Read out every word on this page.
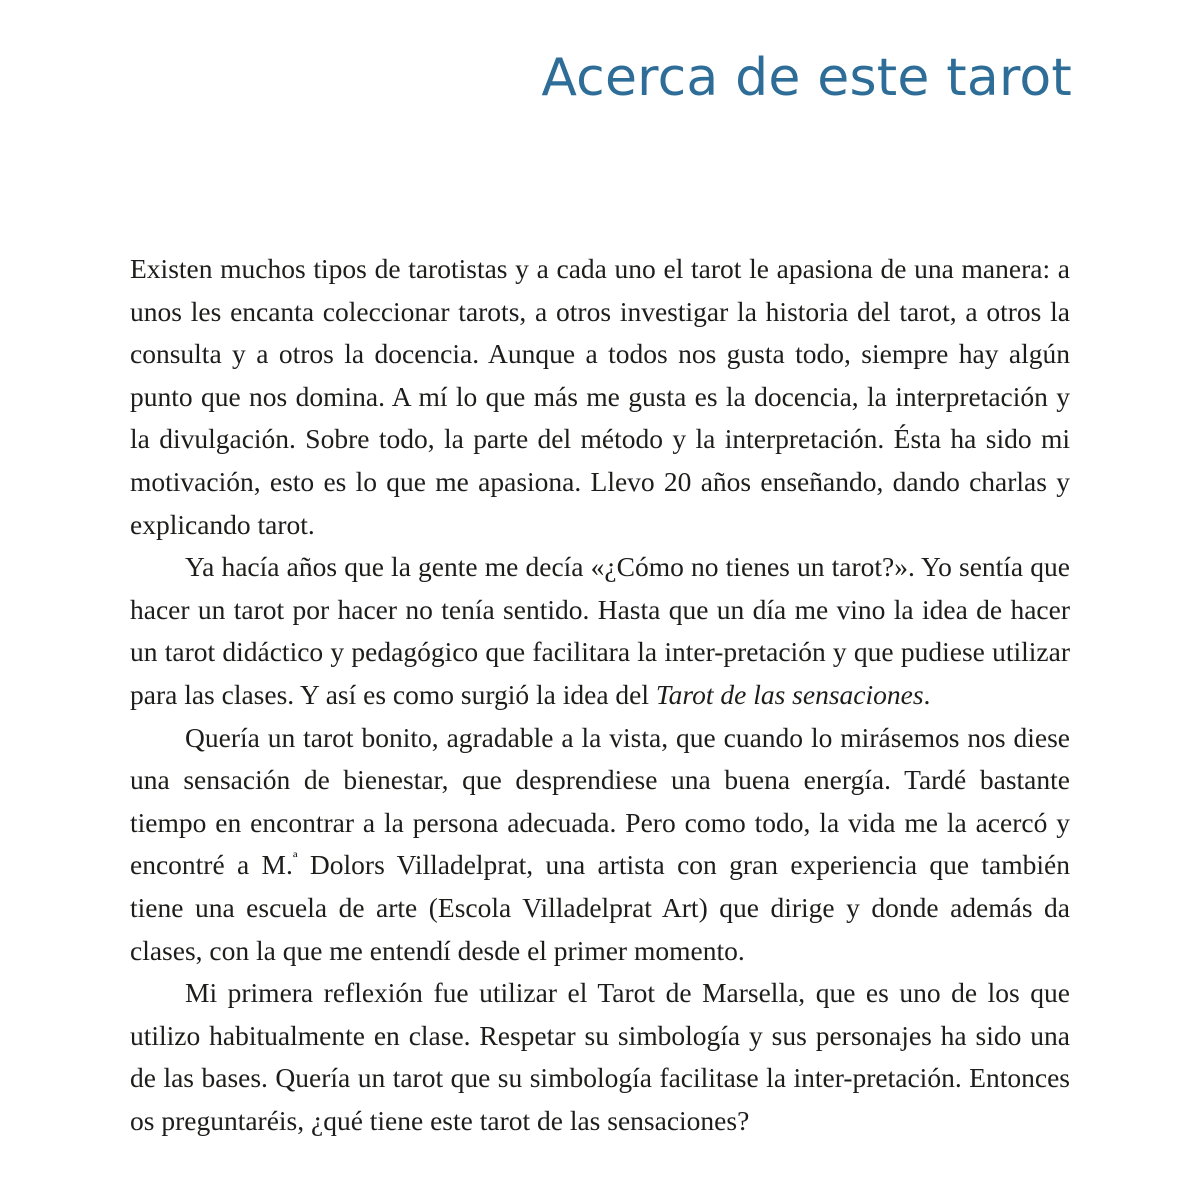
Acerca de este tarot

Existen muchos tipos de tarotistas y a cada uno el tarot le apasiona de una manera: a unos les encanta coleccionar tarots, a otros investigar la historia del tarot, a otros la consulta y a otros la docencia. Aunque a todos nos gusta todo, siempre hay algún punto que nos domina. A mí lo que más me gusta es la docencia, la interpretación y la divulgación. Sobre todo, la parte del método y la interpretación. Ésta ha sido mi motivación, esto es lo que me apasiona. Llevo 20 años enseñando, dando charlas y explicando tarot.

Ya hacía años que la gente me decía «¿Cómo no tienes un tarot?». Yo sentía que hacer un tarot por hacer no tenía sentido. Hasta que un día me vino la idea de hacer un tarot didáctico y pedagógico que facilitara la inter-pretación y que pudiese utilizar para las clases. Y así es como surgió la idea del Tarot de las sensaciones.

Quería un tarot bonito, agradable a la vista, que cuando lo mirásemos nos diese una sensación de bienestar, que desprendiese una buena energía. Tardé bastante tiempo en encontrar a la persona adecuada. Pero como todo, la vida me la acercó y encontré a M.$^ª$ Dolors Villadelprat, una artista con gran experiencia que también tiene una escuela de arte (Escola Villadelprat Art) que dirige y donde además da clases, con la que me entendí desde el primer momento.

Mi primera reflexión fue utilizar el Tarot de Marsella, que es uno de los que utilizo habitualmente en clase. Respetar su simbología y sus personajes ha sido una de las bases. Quería un tarot que su simbología facilitase la inter-pretación. Entonces os preguntaréis, ¿qué tiene este tarot de las sensaciones?
